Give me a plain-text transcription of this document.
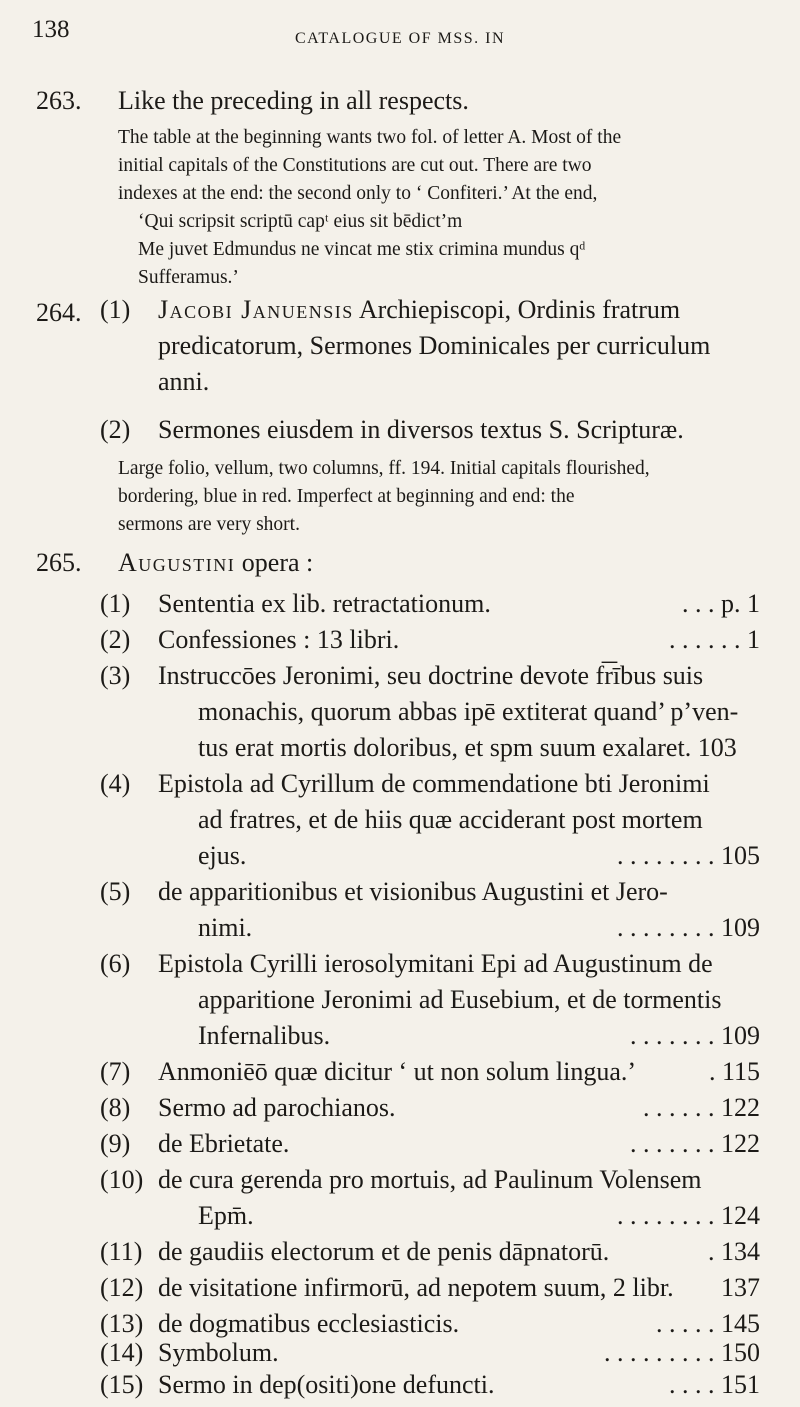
138	CATALOGUE OF MSS. IN
263. Like the preceding in all respects.
The table at the beginning wants two fol. of letter A. Most of the
initial capitals of the Constitutions are cut out. There are two
indexes at the end: the second only to ‘ Confiteri.’ At the end,
‘Qui scripsit scriptū capᵗ eius sit bēdict’m
Me juvet Edmundus ne vincat me stix crimina mundus qᵈ
Sufferamus.’
264. (1)	Jacobi Januensis Archiepiscopi, Ordinis fratrum
predicatorum, Sermones Dominicales per curriculum
anni.
(2)	Sermones eiusdem in diversos textus S. Scripturæ.
Large folio, vellum, two columns, ff. 194. Initial capitals flourished,
bordering, blue in red. Imperfect at beginning and end: the
sermons are very short.
265. Augustini opera :
(1) Sententia ex lib. retractationum.	. . . p. 1
(2) Confessiones : 13 libri.	. . . . . . 1
(3)	Instruccōes Jeronimi, seu doctrine devote f͞rībus suis
monachis, quorum abbas ipē extiterat quand’ p’ven-
tus erat mortis doloribus, et spm suum exalaret. 103
(4)	Epistola ad Cyrillum de commendatione bti Jeronimi
ad fratres, et de hiis quæ acciderant post mortem
ejus.	. . . . . . . . 105
(5)	de apparitionibus et visionibus Augustini et Jero-
nimi.	. . . . . . . . 109
(6)	Epistola Cyrilli ierosolymitani Epi ad Augustinum de
apparitione Jeronimi ad Eusebium, et de tormentis
Infernalibus.	. . . . . . . 109
(7) Anmoniēō quæ dicitur ‘ ut non solum lingua.’	. 115
(8) Sermo ad parochianos.	. . . . . . 122
(9) de Ebrietate.	. . . . . . . 122
(10) de cura gerenda pro mortuis, ad Paulinum Volensem
Epm̄.	. . . . . . . . 124
(11) de gaudiis electorum et de penis dāpnatorū.	. 134
(12) de visitatione infirmorū, ad nepotem suum, 2 libr. 137
(13) de dogmatibus ecclesiasticis.	. . . . . 145
(14) Symbolum.	. . . . . . . . . 150
(15) Sermo in dep(ositi)one defuncti.	. . . . 151
